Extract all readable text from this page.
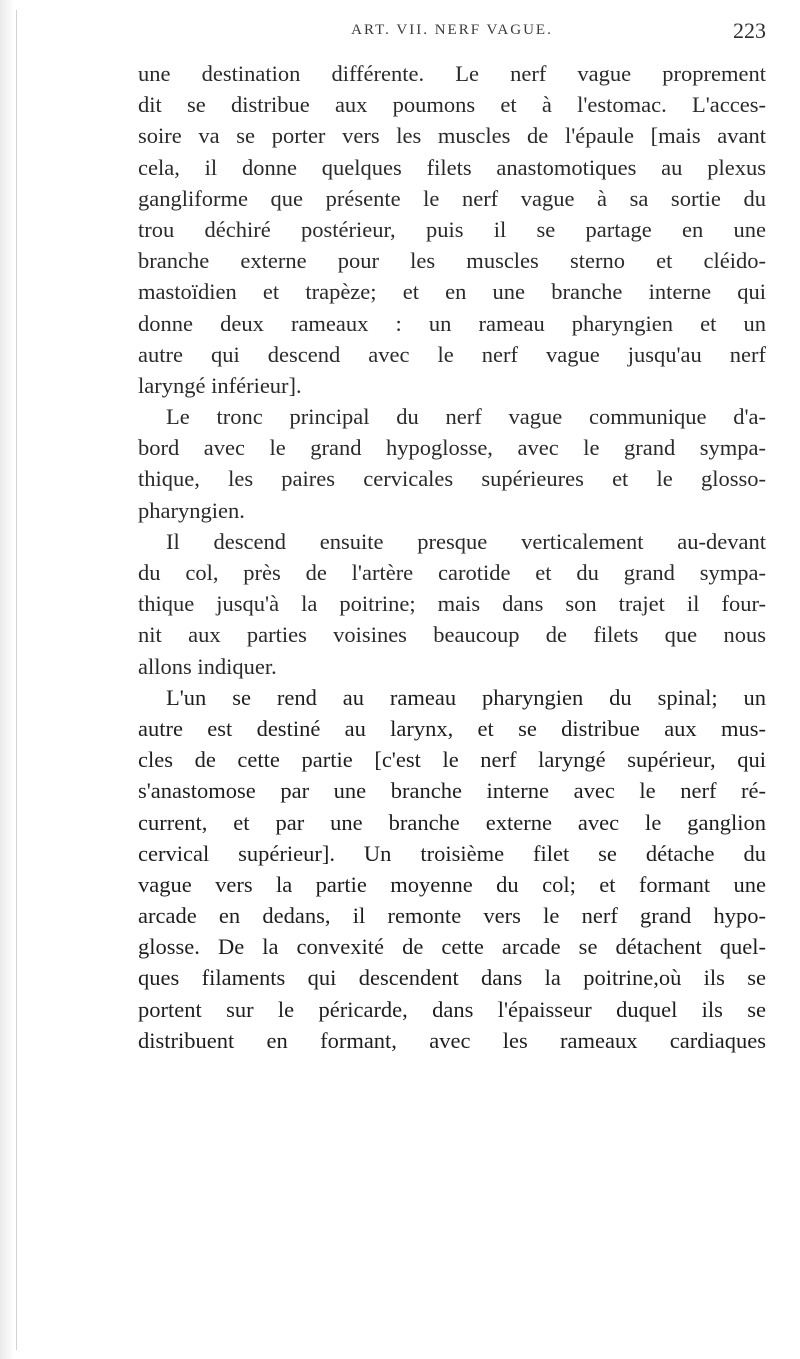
ART. VII. NERF VAGUE.	223
une destination différente. Le nerf vague proprement
dit se distribue aux poumons et à l'estomac. L'acces-
soire va se porter vers les muscles de l'épaule [mais avant
cela, il donne quelques filets anastomotiques au plexus
gangliforme que présente le nerf vague à sa sortie du
trou déchiré postérieur, puis il se partage en une
branche externe pour les muscles sterno et cléido-
mastoïdien et trapèze; et en une branche interne qui
donne deux rameaux : un rameau pharyngien et un
autre qui descend avec le nerf vague jusqu'au nerf
laryngé inférieur].
Le tronc principal du nerf vague communique d'a-
bord avec le grand hypoglosse, avec le grand sympa-
thique, les paires cervicales supérieures et le glosso-
pharyngien.
Il descend ensuite presque verticalement au-devant
du col, près de l'artère carotide et du grand sympa-
thique jusqu'à la poitrine; mais dans son trajet il four-
nit aux parties voisines beaucoup de filets que nous
allons indiquer.
L'un se rend au rameau pharyngien du spinal; un
autre est destiné au larynx, et se distribue aux mus-
cles de cette partie [c'est le nerf laryngé supérieur, qui
s'anastomose par une branche interne avec le nerf ré-
current, et par une branche externe avec le ganglion
cervical supérieur]. Un troisième filet se détache du
vague vers la partie moyenne du col; et formant une
arcade en dedans, il remonte vers le nerf grand hypo-
glosse. De la convexité de cette arcade se détachent quel-
ques filaments qui descendent dans la poitrine,où ils se
portent sur le péricarde, dans l'épaisseur duquel ils se
distribuent en formant, avec les rameaux cardiaques
